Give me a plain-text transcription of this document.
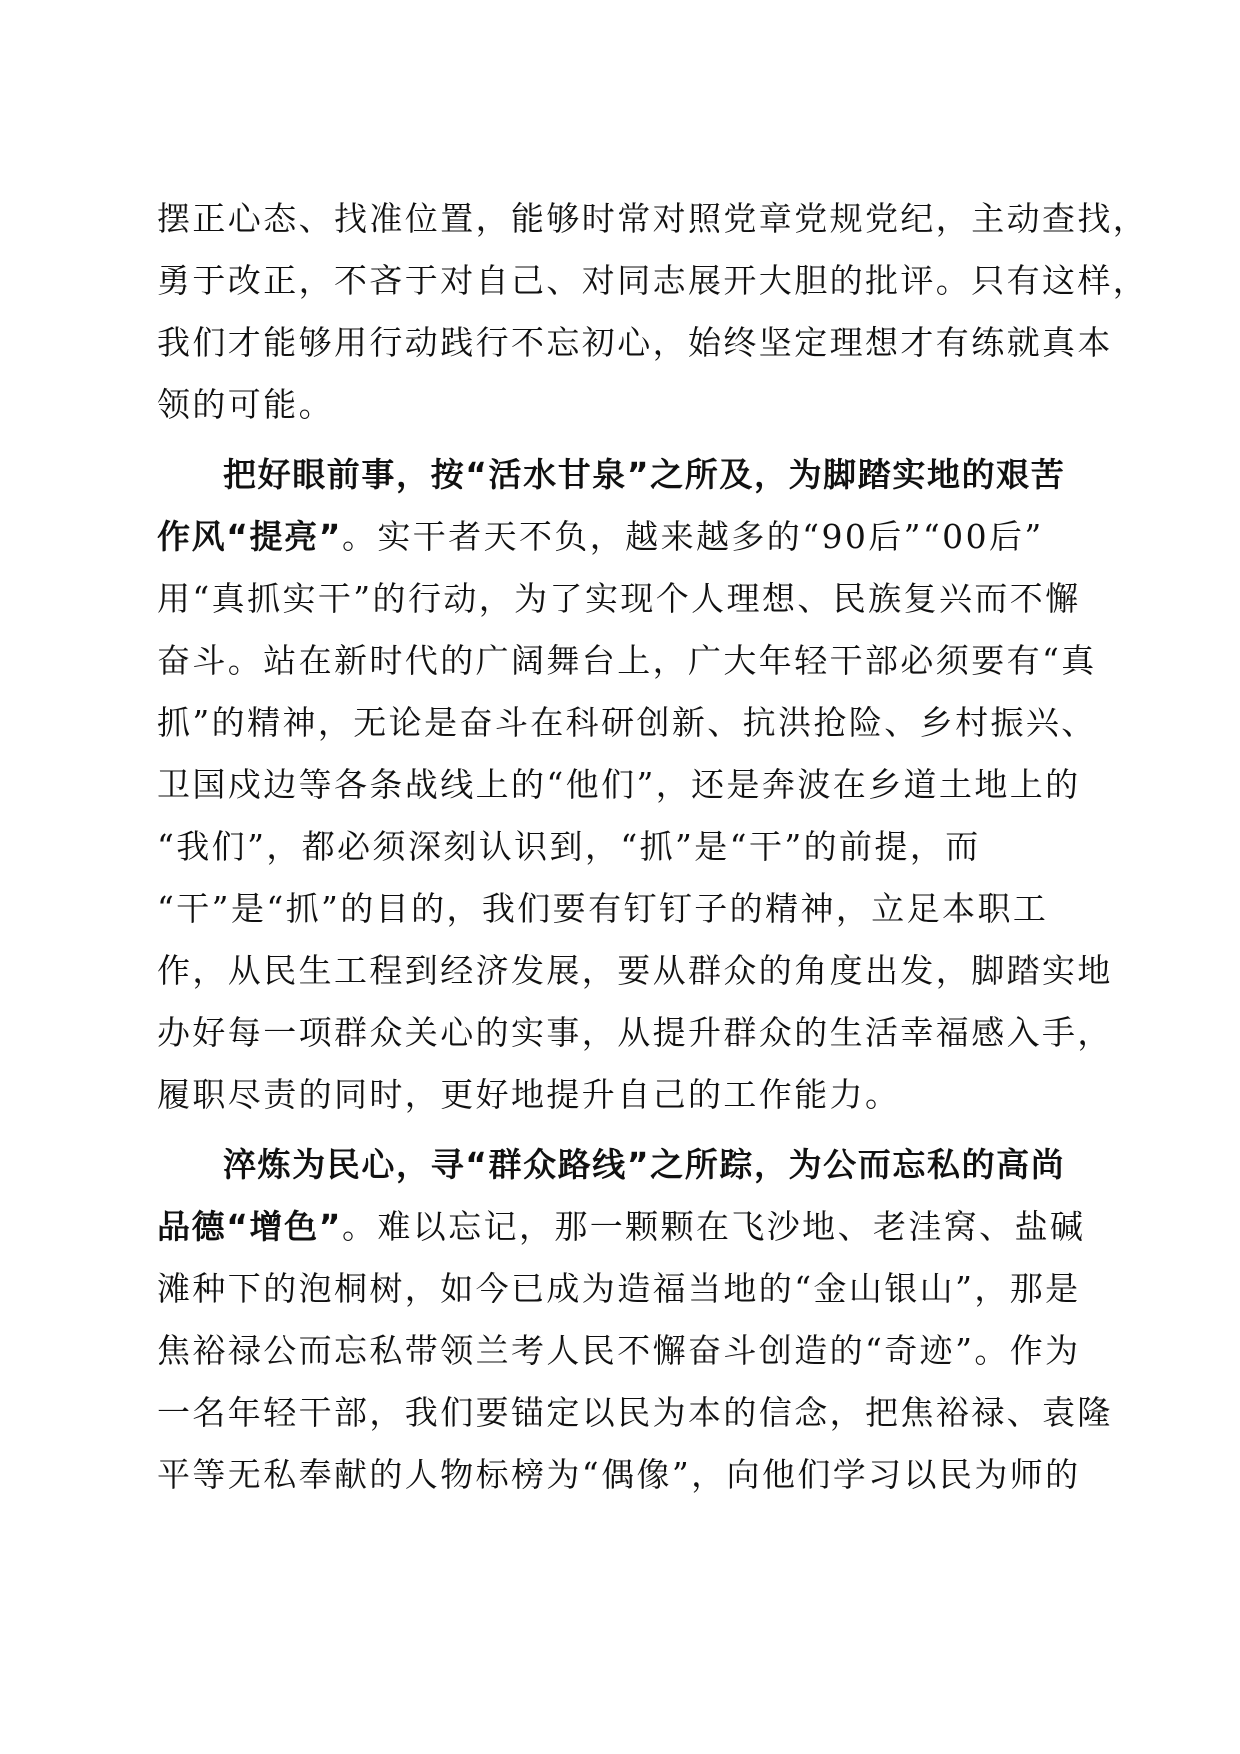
摆正心态、找准位置，能够时常对照党章党规党纪，主动查找，
勇于改正，不吝于对自己、对同志展开大胆的批评。只有这样，
我们才能够用行动践行不忘初心，始终坚定理想才有练就真本
领的可能。
把好眼前事，按“活水甘泉”之所及，为脚踏实地的艰苦
作风“提亮”。实干者天不负，越来越多的“90后”“00后”
用“真抓实干”的行动，为了实现个人理想、民族复兴而不懈
奋斗。站在新时代的广阔舞台上，广大年轻干部必须要有“真
抓”的精神，无论是奋斗在科研创新、抗洪抢险、乡村振兴、
卫国戍边等各条战线上的“他们”，还是奔波在乡道土地上的
“我们”，都必须深刻认识到，“抓”是“干”的前提，而
“干”是“抓”的目的，我们要有钉钉子的精神，立足本职工
作，从民生工程到经济发展，要从群众的角度出发，脚踏实地
办好每一项群众关心的实事，从提升群众的生活幸福感入手，
履职尽责的同时，更好地提升自己的工作能力。
淬炼为民心，寻“群众路线”之所踪，为公而忘私的高尚
品德“增色”。难以忘记，那一颗颗在飞沙地、老洼窝、盐碱
滩种下的泡桐树，如今已成为造福当地的“金山银山”，那是
焦裕禄公而忘私带领兰考人民不懈奋斗创造的“奇迹”。作为
一名年轻干部，我们要锚定以民为本的信念，把焦裕禄、袁隆
平等无私奉献的人物标榜为“偶像”，向他们学习以民为师的
